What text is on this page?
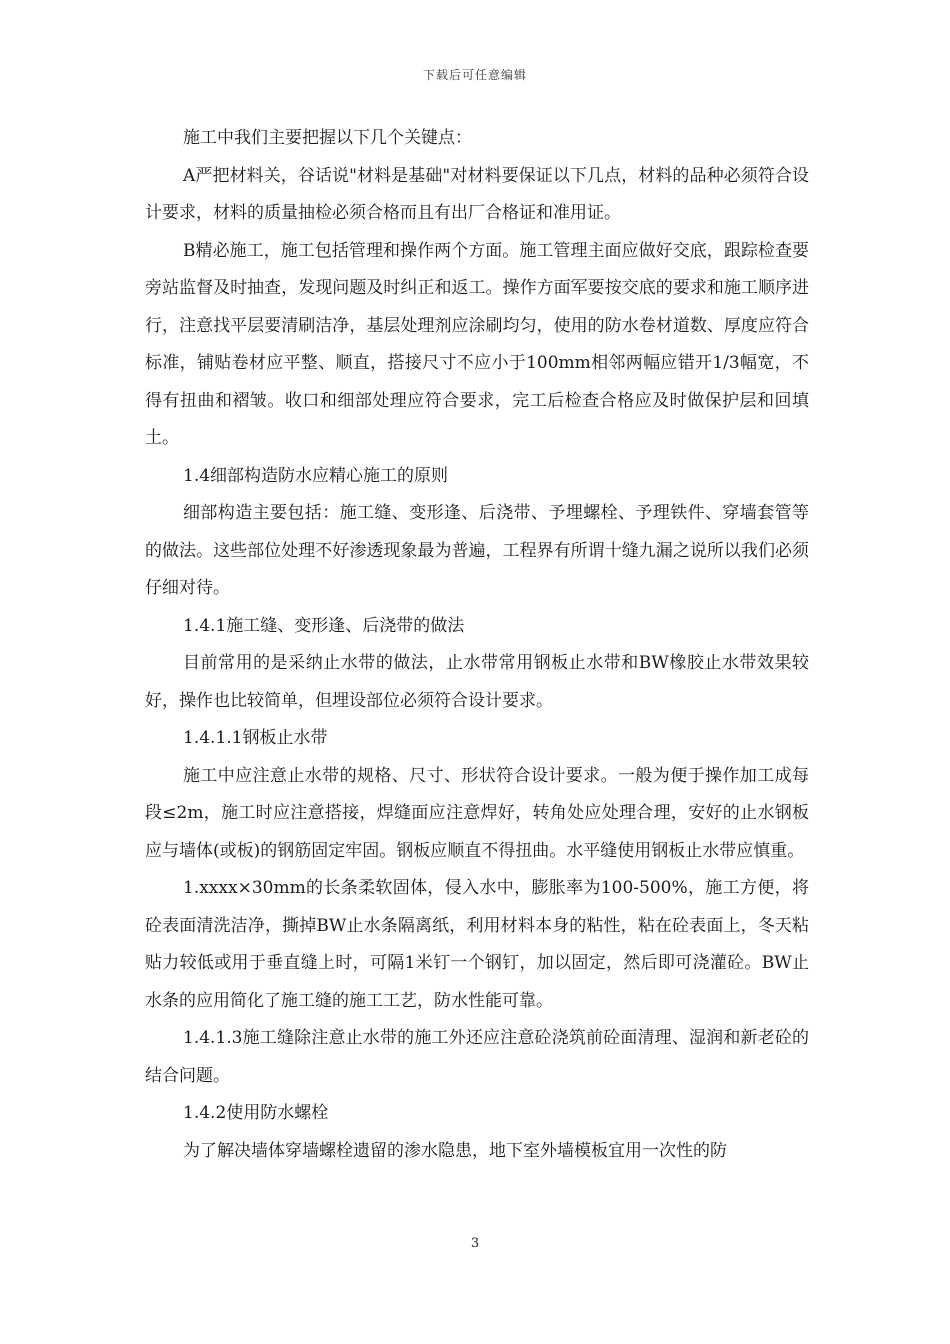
下载后可任意编辑

施工中我们主要把握以下几个关键点：

A严把材料关，谷话说"材料是基础"对材料要保证以下几点，材料的品种必须符合设计要求，材料的质量抽检必须合格而且有出厂合格证和准用证。

B精必施工，施工包括管理和操作两个方面。施工管理主面应做好交底，跟踪检查要旁站监督及时抽查，发现问题及时纠正和返工。操作方面军要按交底的要求和施工顺序进行，注意找平层要清刷洁净，基层处理剂应涂刷均匀，使用的防水卷材道数、厚度应符合标准，铺贴卷材应平整、顺直，搭接尺寸不应小于100mm相邻两幅应错开1/3幅宽，不得有扭曲和褶皱。收口和细部处理应符合要求，完工后检查合格应及时做保护层和回填土。

1.4细部构造防水应精心施工的原则

细部构造主要包括：施工缝、变形逢、后浇带、予埋螺栓、予理铁件、穿墙套管等的做法。这些部位处理不好渗透现象最为普遍，工程界有所谓十缝九漏之说所以我们必须仔细对待。

1.4.1施工缝、变形逢、后浇带的做法

目前常用的是采纳止水带的做法，止水带常用钢板止水带和BW橡胶止水带效果较好，操作也比较简单，但埋设部位必须符合设计要求。

1.4.1.1钢板止水带

施工中应注意止水带的规格、尺寸、形状符合设计要求。一般为便于操作加工成每段≤2m，施工时应注意搭接，焊缝面应注意焊好，转角处应处理合理，安好的止水钢板应与墙体(或板)的钢筋固定牢固。钢板应顺直不得扭曲。水平缝使用钢板止水带应慎重。

1.xxxx×30mm的长条柔软固体，侵入水中，膨胀率为100-500%，施工方便，将砼表面清洗洁净，撕掉BW止水条隔离纸，利用材料本身的粘性，粘在砼表面上，冬天粘贴力较低或用于垂直缝上时，可隔1米钉一个钢钉，加以固定，然后即可浇灌砼。BW止水条的应用简化了施工缝的施工工艺，防水性能可靠。

1.4.1.3施工缝除注意止水带的施工外还应注意砼浇筑前砼面清理、湿润和新老砼的结合问题。

1.4.2使用防水螺栓

为了解决墙体穿墙螺栓遗留的渗水隐患，地下室外墙模板宜用一次性的防

3
